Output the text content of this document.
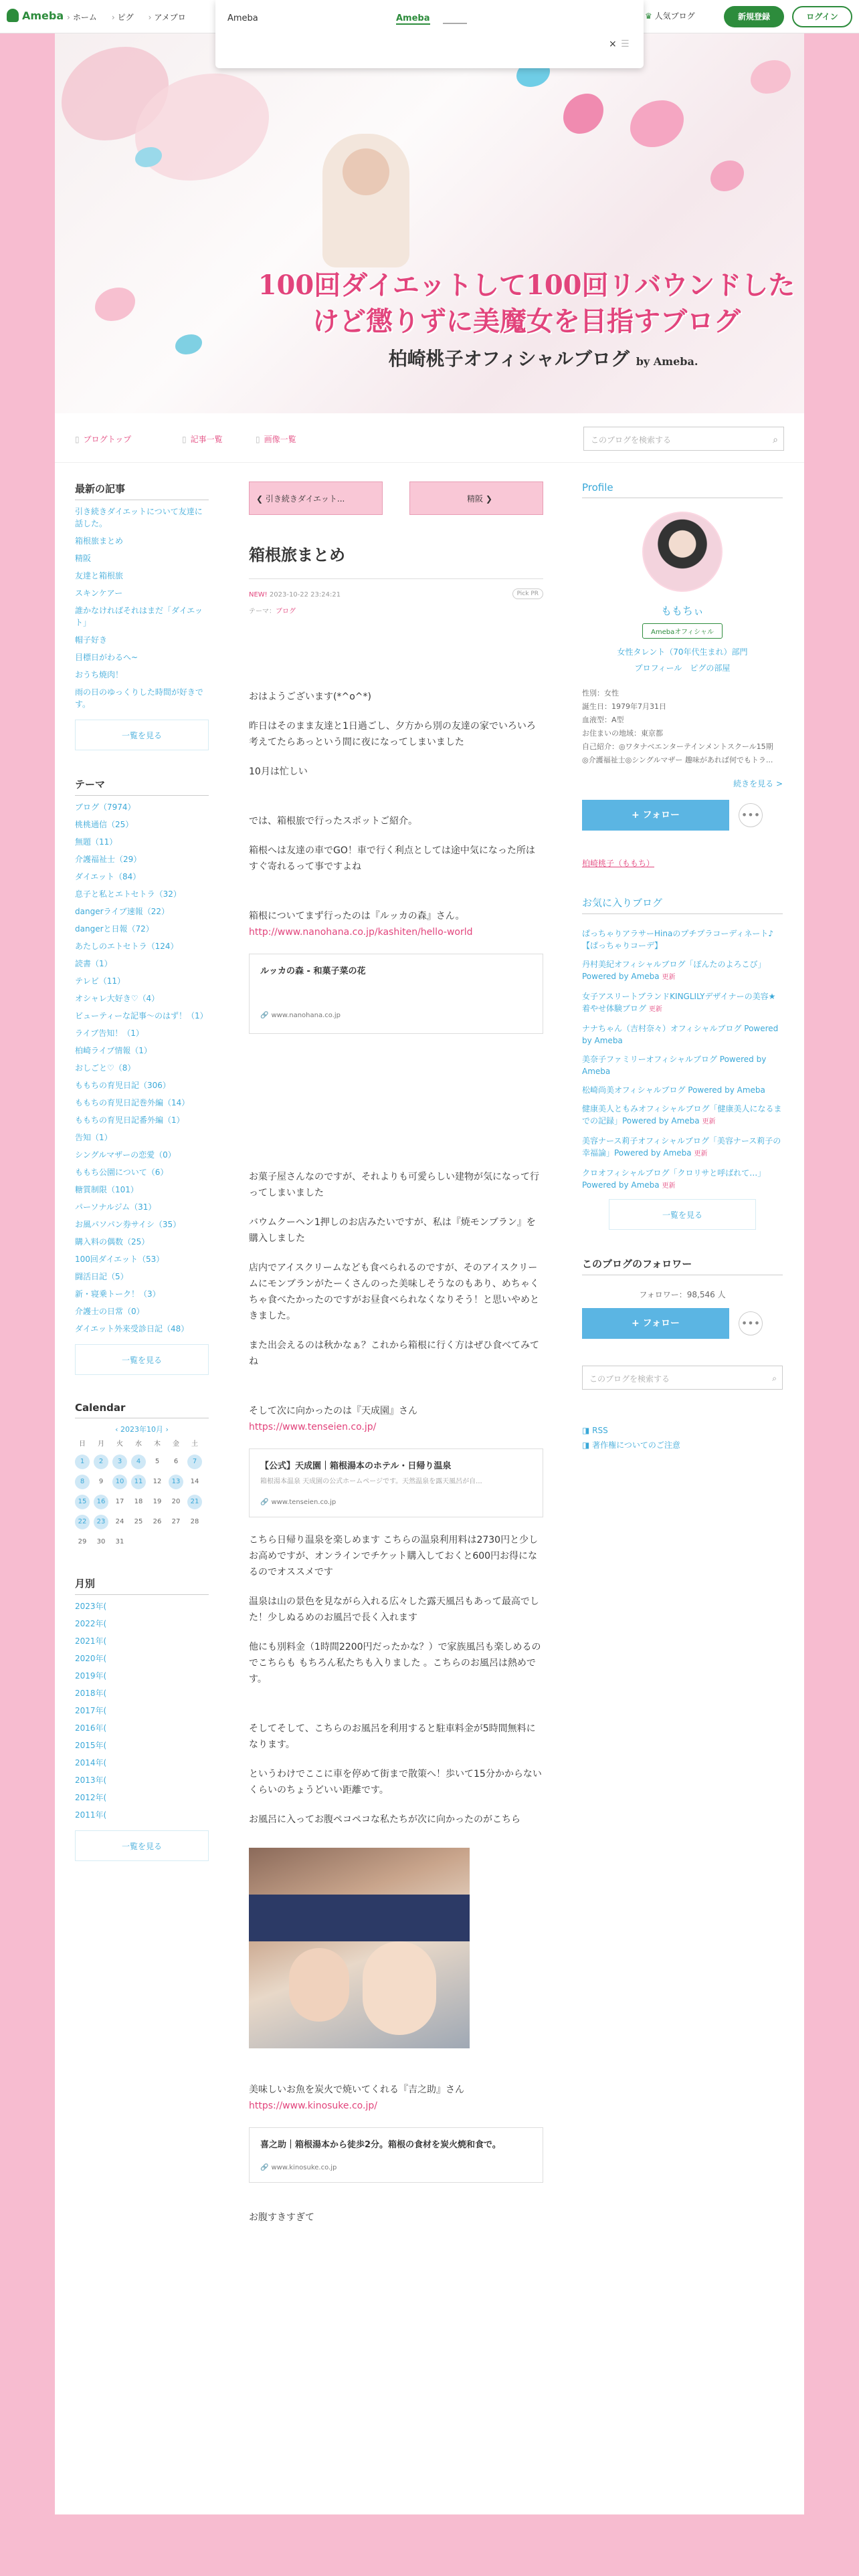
Ameba	› ホーム	› ピグ	› アメブロ	♛ 人気ブログ	新規登録	ログイン
Ameba	Ameba
× ☰
100回ダイエットして100回リバウンドしたけど懲りずに美魔女を目指すブログ
柏崎桃子オフィシャルブログ by Ameba.
▯ ブログトップ	▯ 記事一覧	▯ 画像一覧	このブログを検索する	⌕
最新の記事
引き続きダイエットについて友達に話した。
箱根旅まとめ
精阪
友達と箱根旅
スキンケアー
誰かなければそれはまだ「ダイエット」
帽子好き
目標日がわるへ~
おうち焼肉！
雨の日のゆっくりした時間が好きです。
一覧を見る
テーマ
ブログ（7974）
桃桃通信（25）
無題（11）
介護福祉士（29）
ダイエット（84）
息子と私とエトセトラ（32）
dangerライブ速報（22）
dangerと日報（72）
あたしのエトセトラ（124）
読書（1）
テレビ（11）
オシャレ大好き♡（4）
ビューティーな記事～のはず！（1）
ライブ告知！（1）
柏崎ライブ情報（1）
おしごと♡（8）
ももちの育児日記（306）
ももちの育児日記巻外編（14）
ももちの育児日記番外編（1）
告知（1）
シングルマザーの恋愛（0）
ももち公園について（6）
糖質制限（101）
パーソナルジム（31）
お風パソパン券サイシ（35）
購入料の偶数（25）
100回ダイエット（53）
闘活日記（5）
新・寝乗トーク！（3）
介護士の日常（0）
ダイエット外来受診日記（48）
一覧を見る
Calendar
‹ 2023年10月 ›
日	月	火	水	木	金	土
1	2	3	4	5	6	7
8	9	10	11	12	13	14
15	16	17	18	19	20	21
22	23	24	25	26	27	28
29	30	31
月別
2023年(
2022年(
2021年(
2020年(
2019年(
2018年(
2017年(
2016年(
2015年(
2014年(
2013年(
2012年(
2011年(
一覧を見る
❮ 引き続きダイエット...	精阪 ❯
箱根旅まとめ
NEW! 2023-10-22 23:24:21	Pick PR
テーマ：ブログ

おはようございます(*^o^*)

昨日はそのまま友達と1日過ごし、夕方から別の友達の家でいろいろ考えてたらあっという間に夜になってしまいました

10月は忙しい

では、箱根旅で行ったスポットご紹介。

箱根へは友達の車でGO！車で行く利点としては途中気になった所はすぐ寄れるって事ですよね

箱根についてまず行ったのは『ルッカの森』さん。

http://www.nanohana.co.jp/kashiten/hello-world

ルッカの森 - 和菓子菜の花
🔗 www.nanohana.co.jp

お菓子屋さんなのですが、それよりも可愛らしい建物が気になって行ってしまいました

バウムクーヘン1押しのお店みたいですが、私は『焼モンブラン』を購入しました

店内でアイスクリームなども食べられるのですが、そのアイスクリームにモンブランがたーくさんのった美味しそうなのもあり、めちゃくちゃ食べたかったのですがお昼食べられなくなりそう！と思いやめときました。

また出会えるのは秋かなぁ？これから箱根に行く方はぜひ食べてみてね

そして次に向かったのは『天成園』さん

https://www.tenseien.co.jp/

【公式】天成園｜箱根湯本のホテル・日帰り温泉
箱根湯本温泉 天成園の公式ホームページです。天然温泉を露天風呂が自...
🔗 www.tenseien.co.jp

こちら日帰り温泉を楽しめます こちらの温泉利用料は2730円と少しお高めですが、オンラインでチケット購入しておくと600円お得になるのでオススメです

温泉は山の景色を見ながら入れる広々した露天風呂もあって最高でした！少しぬるめのお風呂で長く入れます

他にも別料金（1時間2200円だったかな？）で家族風呂も楽しめるのでこちらも もちろん私たちも入りました 。こちらのお風呂は熱めです。

そしてそして、こちらのお風呂を利用すると駐車料金が5時間無料になります。

というわけでここに車を停めて街まで散策へ！歩いて15分かからないくらいのちょうどいい距離です。

お風呂に入ってお腹ペコペコな私たちが次に向かったのがこちら

美味しいお魚を炭火で焼いてくれる『吉之助』さん

https://www.kinosuke.co.jp/

喜之助｜箱根湯本から徒歩2分。箱根の食材を炭火焼和食で。
🔗 www.kinosuke.co.jp

お腹すきすぎて

Profile
ももちぃ
Amebaオフィシャル
女性タレント（70年代生まれ）部門
プロフィール　ピグの部屋
性別：女性
誕生日：1979年7月31日
血液型：A型
お住まいの地域：東京都
自己紹介：◎ワタナベエンターテインメントスクール15期
◎介護福祉士◎シングルマザー 趣味があれば何でもトラ...
続きを見る >
+ フォロー	•••
柏崎桃子（ももち）
お気に入りブログ
ぱっちゃりアラサーHinaのプチプラコーディネート♪【ぱっちゃりコーデ】
丹村美紀オフィシャルブログ「ぽんたのよろこび」Powered by Ameba 更新
女子アスリートブランドKINGLILYデザイナーの美容★着やせ体験ブログ 更新
ナナちゃん（吉村奈々）オフィシャルブログ Powered by Ameba
美奈子ファミリーオフィシャルブログ Powered by Ameba
松崎尚美オフィシャルブログ Powered by Ameba
健康美人ともみオフィシャルブログ「健康美人になるまでの記録」Powered by Ameba 更新
美容ナース莉子オフィシャルブログ「美容ナース莉子の幸福論」Powered by Ameba 更新
クロオフィシャルブログ「クロリサと呼ばれて…」Powered by Ameba 更新
一覧を見る
このブログのフォロワー
フォロワー：98,546 人
+ フォロー	•••
このブログを検索する	⌕
◨ RSS
◨ 著作権についてのご注意
